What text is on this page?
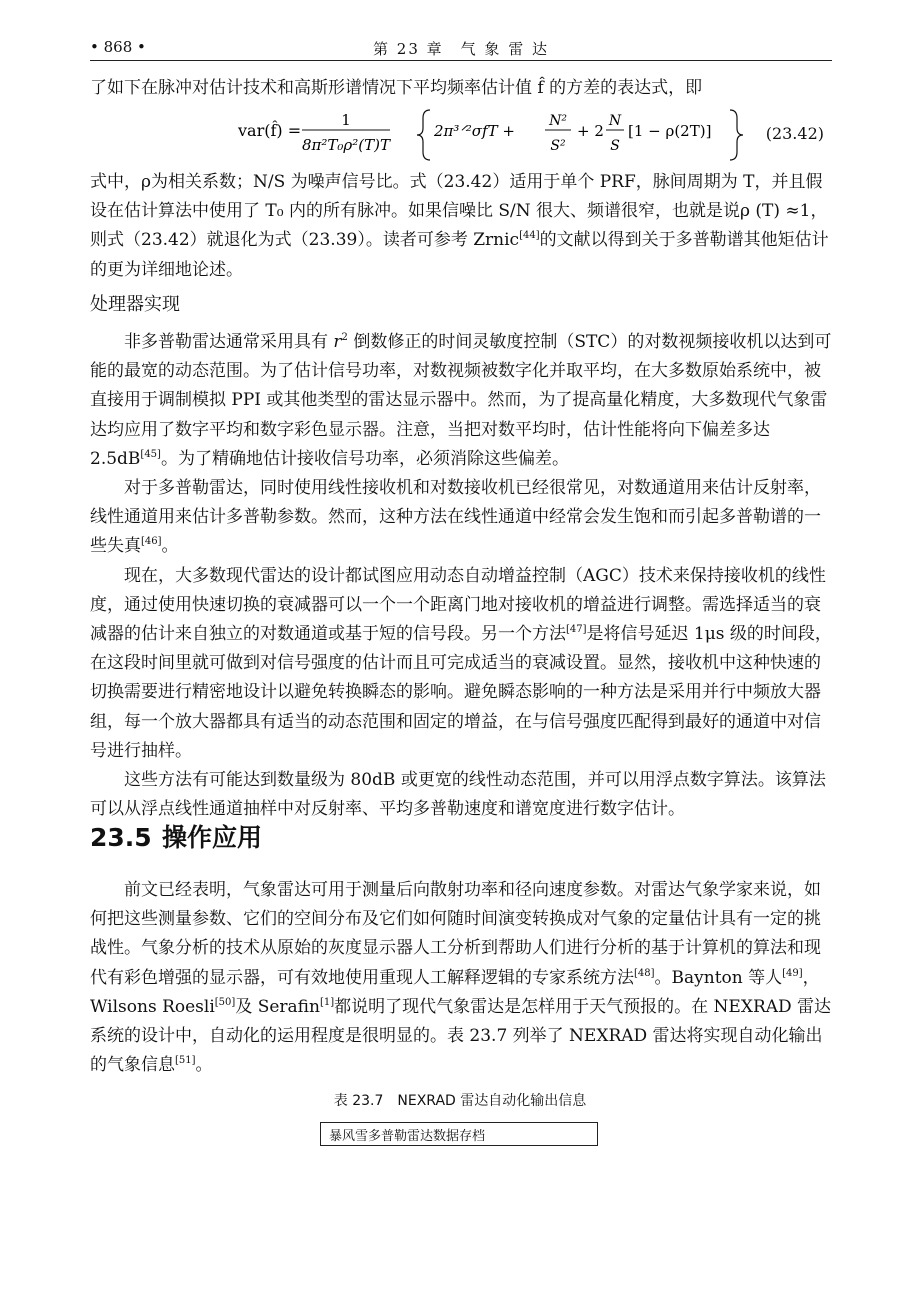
• 868 •	第 23 章　气 象 雷 达

了如下在脉冲对估计技术和高斯形谱情况下平均频率估计值 f̂ 的方差的表达式，即

var(f̂) =
1
8π²T₀ρ²(T)T
2π³ᐟ²σfT +
N²
S²
+ 2
N
S
[1 − ρ(2T)]	(23.42)

式中，ρ为相关系数；N/S 为噪声信号比。式（23.42）适用于单个 PRF，脉间周期为 T，并且假设在估计算法中使用了 T₀ 内的所有脉冲。如果信噪比 S/N 很大、频谱很窄，也就是说ρ (T) ≈1，则式（23.42）就退化为式（23.39）。读者可参考 Zrnic[44]的文献以得到关于多普勒谱其他矩估计的更为详细地论述。

处理器实现

非多普勒雷达通常采用具有 $r^2$ 倒数修正的时间灵敏度控制（STC）的对数视频接收机以达到可能的最宽的动态范围。为了估计信号功率，对数视频被数字化并取平均，在大多数原始系统中，被直接用于调制模拟 PPI 或其他类型的雷达显示器中。然而，为了提高量化精度，大多数现代气象雷达均应用了数字平均和数字彩色显示器。注意，当把对数平均时，估计性能将向下偏差多达 2.5dB[45]。为了精确地估计接收信号功率，必须消除这些偏差。

对于多普勒雷达，同时使用线性接收机和对数接收机已经很常见，对数通道用来估计反射率，线性通道用来估计多普勒参数。然而，这种方法在线性通道中经常会发生饱和而引起多普勒谱的一些失真[46]。

现在，大多数现代雷达的设计都试图应用动态自动增益控制（AGC）技术来保持接收机的线性度，通过使用快速切换的衰减器可以一个一个距离门地对接收机的增益进行调整。需选择适当的衰减器的估计来自独立的对数通道或基于短的信号段。另一个方法[47]是将信号延迟 1μs 级的时间段，在这段时间里就可做到对信号强度的估计而且可完成适当的衰减设置。显然，接收机中这种快速的切换需要进行精密地设计以避免转换瞬态的影响。避免瞬态影响的一种方法是采用并行中频放大器组，每一个放大器都具有适当的动态范围和固定的增益，在与信号强度匹配得到最好的通道中对信号进行抽样。

这些方法有可能达到数量级为 80dB 或更宽的线性动态范围，并可以用浮点数字算法。该算法可以从浮点线性通道抽样中对反射率、平均多普勒速度和谱宽度进行数字估计。

23.5 操作应用

前文已经表明，气象雷达可用于测量后向散射功率和径向速度参数。对雷达气象学家来说，如何把这些测量参数、它们的空间分布及它们如何随时间演变转换成对气象的定量估计具有一定的挑战性。气象分析的技术从原始的灰度显示器人工分析到帮助人们进行分析的基于计算机的算法和现代有彩色增强的显示器，可有效地使用重现人工解释逻辑的专家系统方法[48]。Baynton 等人[49]，Wilsons Roesli[50]及 Serafin[1]都说明了现代气象雷达是怎样用于天气预报的。在 NEXRAD 雷达系统的设计中，自动化的运用程度是很明显的。表 23.7 列举了 NEXRAD 雷达将实现自动化输出的气象信息[51]。

表 23.7　NEXRAD 雷达自动化输出信息
暴风雪多普勒雷达数据存档
